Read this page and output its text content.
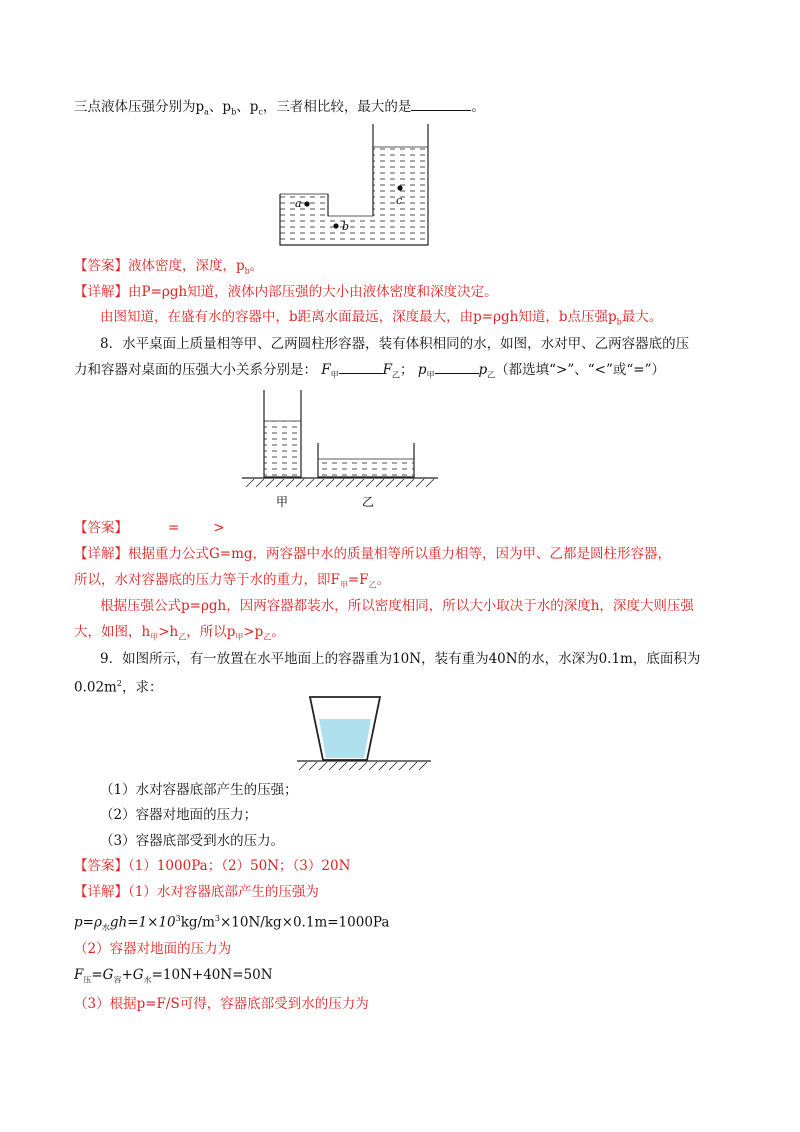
三点液体压强分别为$p_a$、$p_b$、$p_c$，三者相比较，最大的是	。
a
b
c
【答案】液体密度，深度，$p_b$。
【详解】由P=ρgh知道，液体内部压强的大小由液体密度和深度决定。
由图知道，在盛有水的容器中，b距离水面最远，深度最大，由p=ρgh知道，b点压强$p_b$最大。
8．水平桌面上质量相等甲、乙两圆柱形容器，装有体积相同的水，如图，水对甲、乙两容器底的压
力和容器对桌面的压强大小关系分别是： $F_甲$	$F_乙$； $p_甲$	$p_乙$（都选填“>”、“<”或“=”）
甲	乙
【答案】	=	>
【详解】根据重力公式G=mg，两容器中水的质量相等所以重力相等，因为甲、乙都是圆柱形容器，
所以，水对容器底的压力等于水的重力，即$F_甲=F_乙$。
根据压强公式p=ρgh，因两容器都装水，所以密度相同，所以大小取决于水的深度h，深度大则压强
大，如图，$h_甲>h_乙$，所以$p_甲>p_乙$。
9．如图所示，有一放置在水平地面上的容器重为10N，装有重为40N的水，水深为0.1m，底面积为
$0.02m^2$，求：
（1）水对容器底部产生的压强；
（2）容器对地面的压力；
（3）容器底部受到水的压力。
【答案】（1）1000Pa；（2）50N；（3）20N
【详解】（1）水对容器底部产生的压强为
$p=\rho_水gh=1\times 10^3kg/m^3\times 10N/kg\times 0.1m=1000Pa$
（2）容器对地面的压力为
$F_压=G_容+G_水=10N+40N=50N$
（3）根据p=F/S可得，容器底部受到水的压力为
